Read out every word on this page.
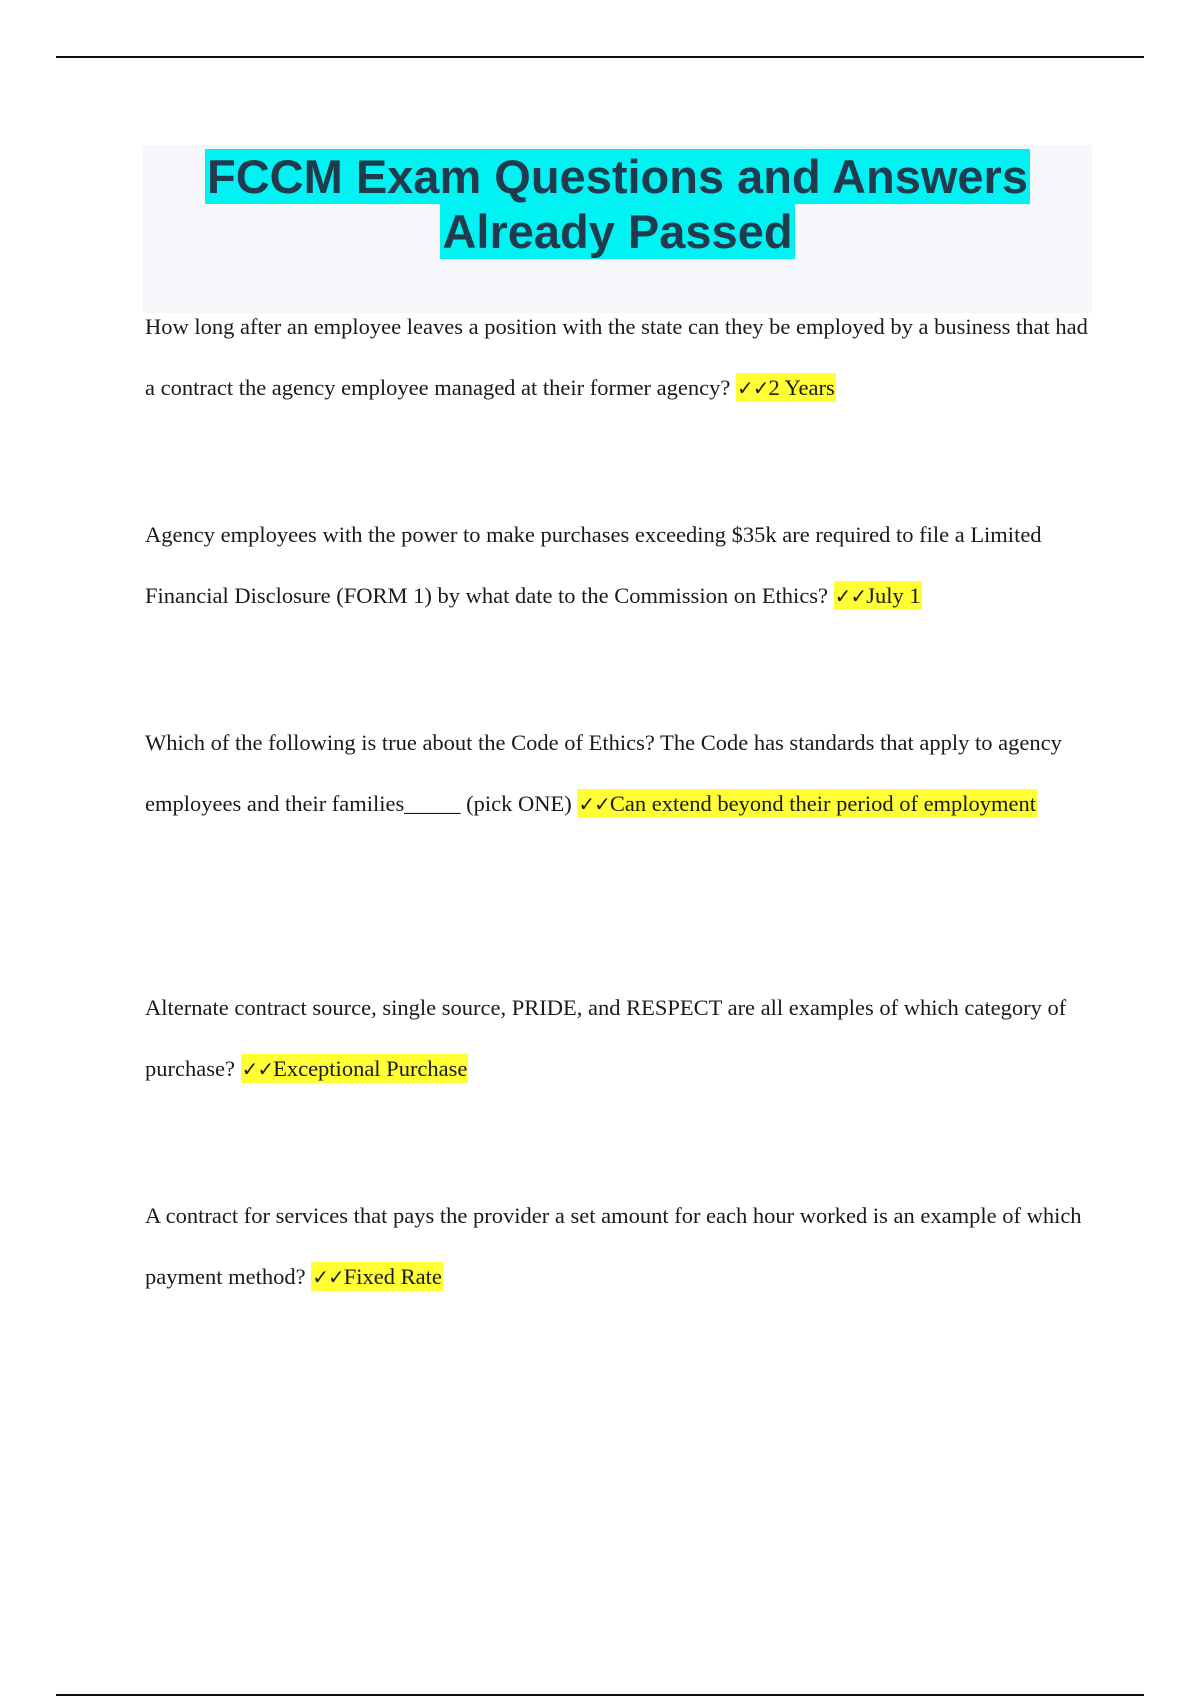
FCCM Exam Questions and Answers
Already Passed

How long after an employee leaves a position with the state can they be employed by a business that had a contract the agency employee managed at their former agency? ✓✓2 Years

Agency employees with the power to make purchases exceeding $35k are required to file a Limited Financial Disclosure (FORM 1) by what date to the Commission on Ethics? ✓✓July 1

Which of the following is true about the Code of Ethics? The Code has standards that apply to agency employees and their families_____ (pick ONE) ✓✓Can extend beyond their period of employment

Alternate contract source, single source, PRIDE, and RESPECT are all examples of which category of purchase? ✓✓Exceptional Purchase

A contract for services that pays the provider a set amount for each hour worked is an example of which payment method? ✓✓Fixed Rate
